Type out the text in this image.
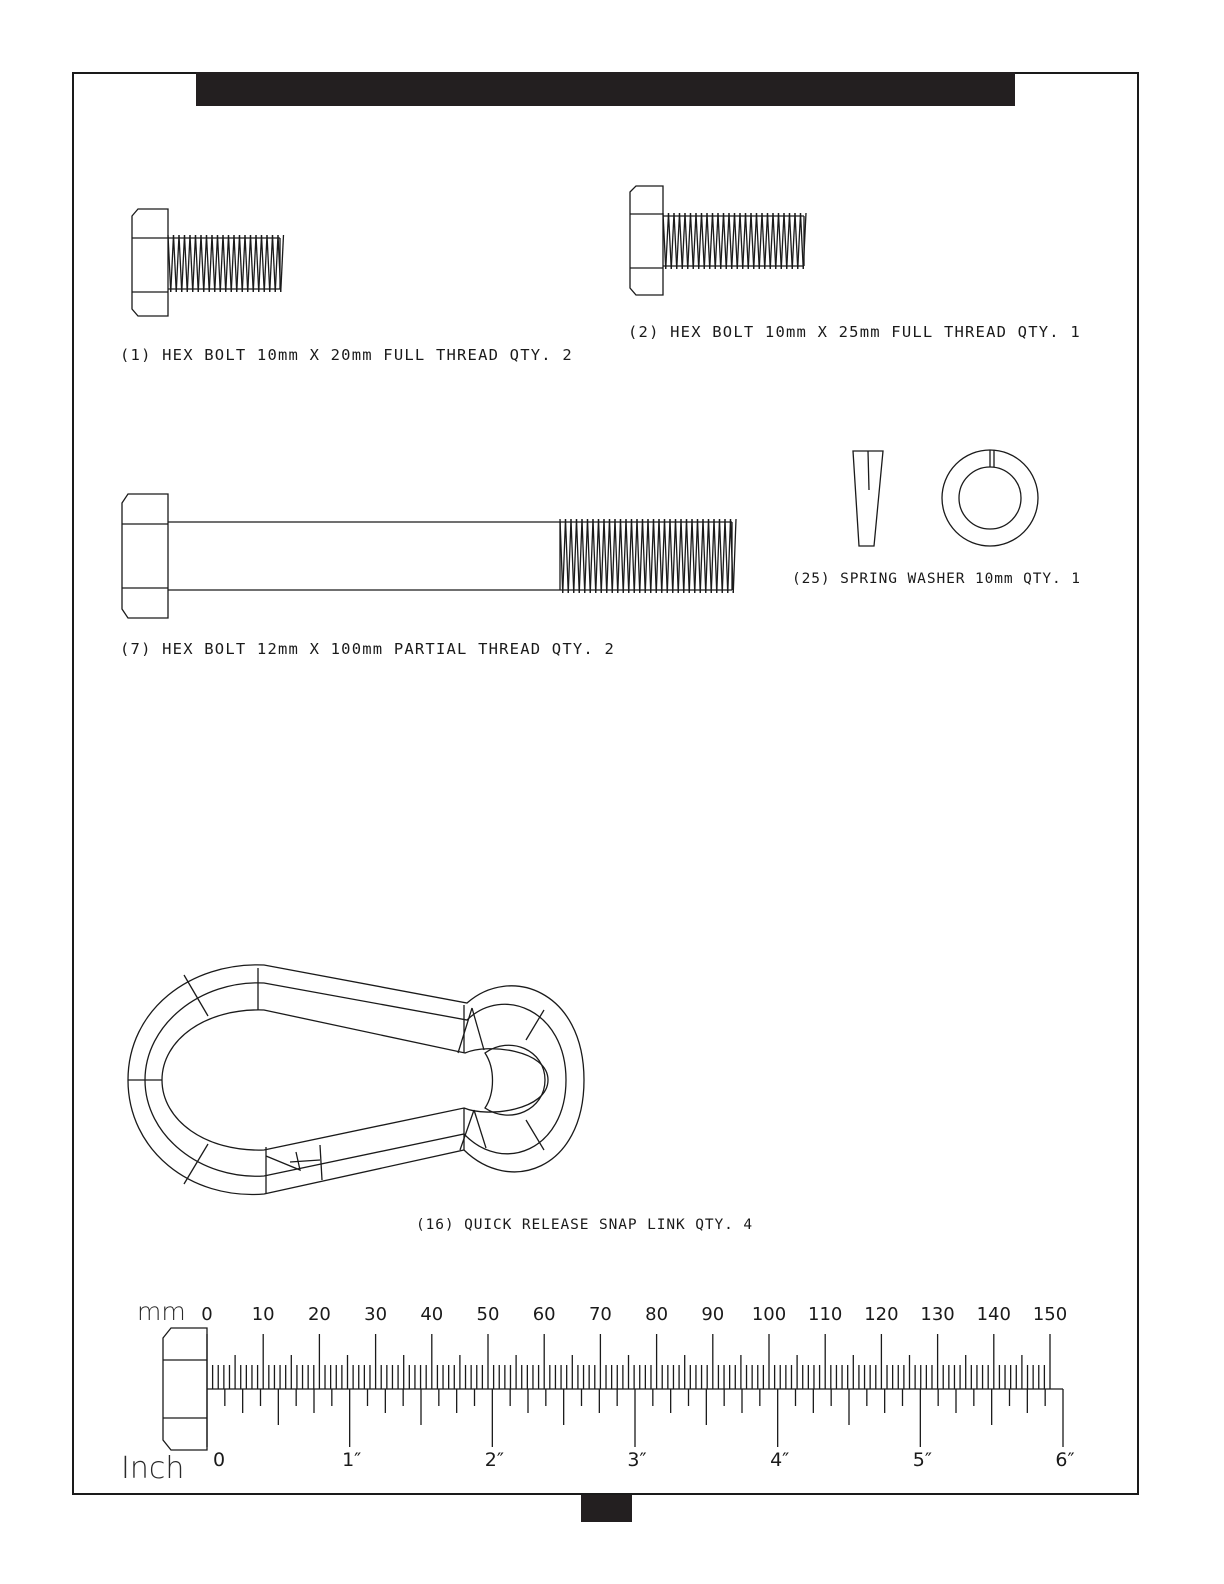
mm
Inch
0 10 20 30 40 50 60 70 80 90 100 110 120 130 140 150
0	1″	2″	3″	4″	5″	6″
(1) HEX BOLT 10mm X 20mm FULL THREAD QTY. 2
(2) HEX BOLT 10mm X 25mm FULL THREAD QTY. 1
(7) HEX BOLT 12mm X 100mm PARTIAL THREAD QTY. 2
(25) SPRING WASHER 10mm QTY. 1
(16) QUICK RELEASE SNAP LINK QTY. 4
